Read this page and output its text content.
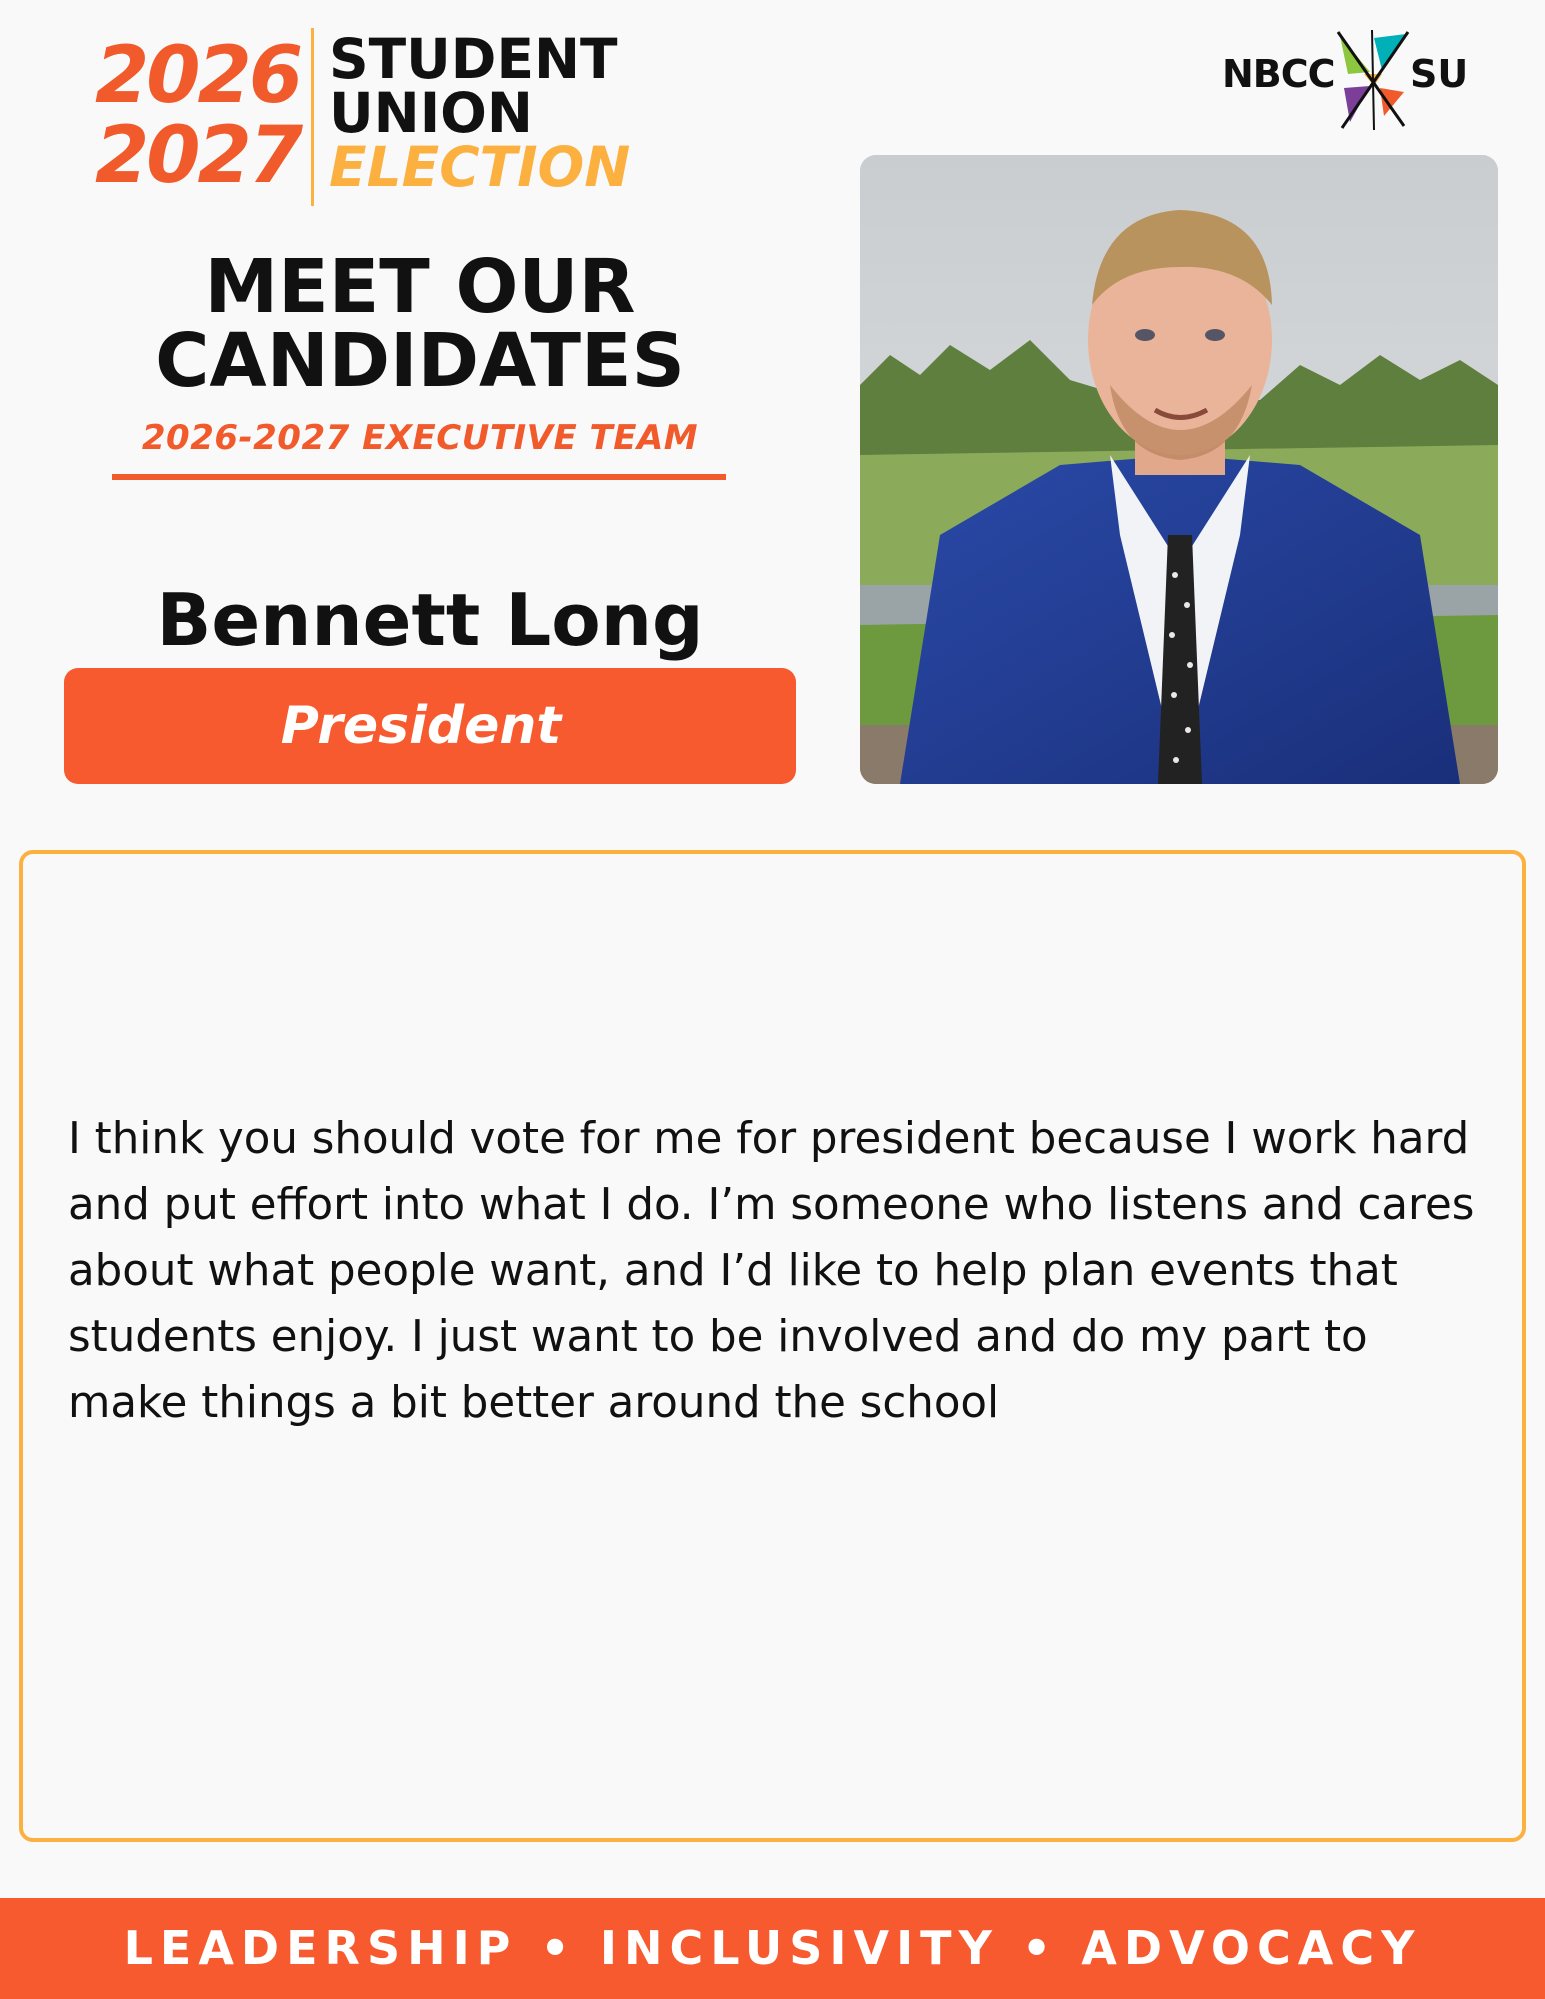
2026
2027
STUDENT
UNION
ELECTION
NBCC SU
MEET OUR
CANDIDATES
2026-2027 EXECUTIVE TEAM
Bennett Long
President

I think you should vote for me for president because I work hard and put effort into what I do. I’m someone who listens and cares about what people want, and I’d like to help plan events that students enjoy. I just want to be involved and do my part to make things a bit better around the school

LEADERSHIP • INCLUSIVITY • ADVOCACY
